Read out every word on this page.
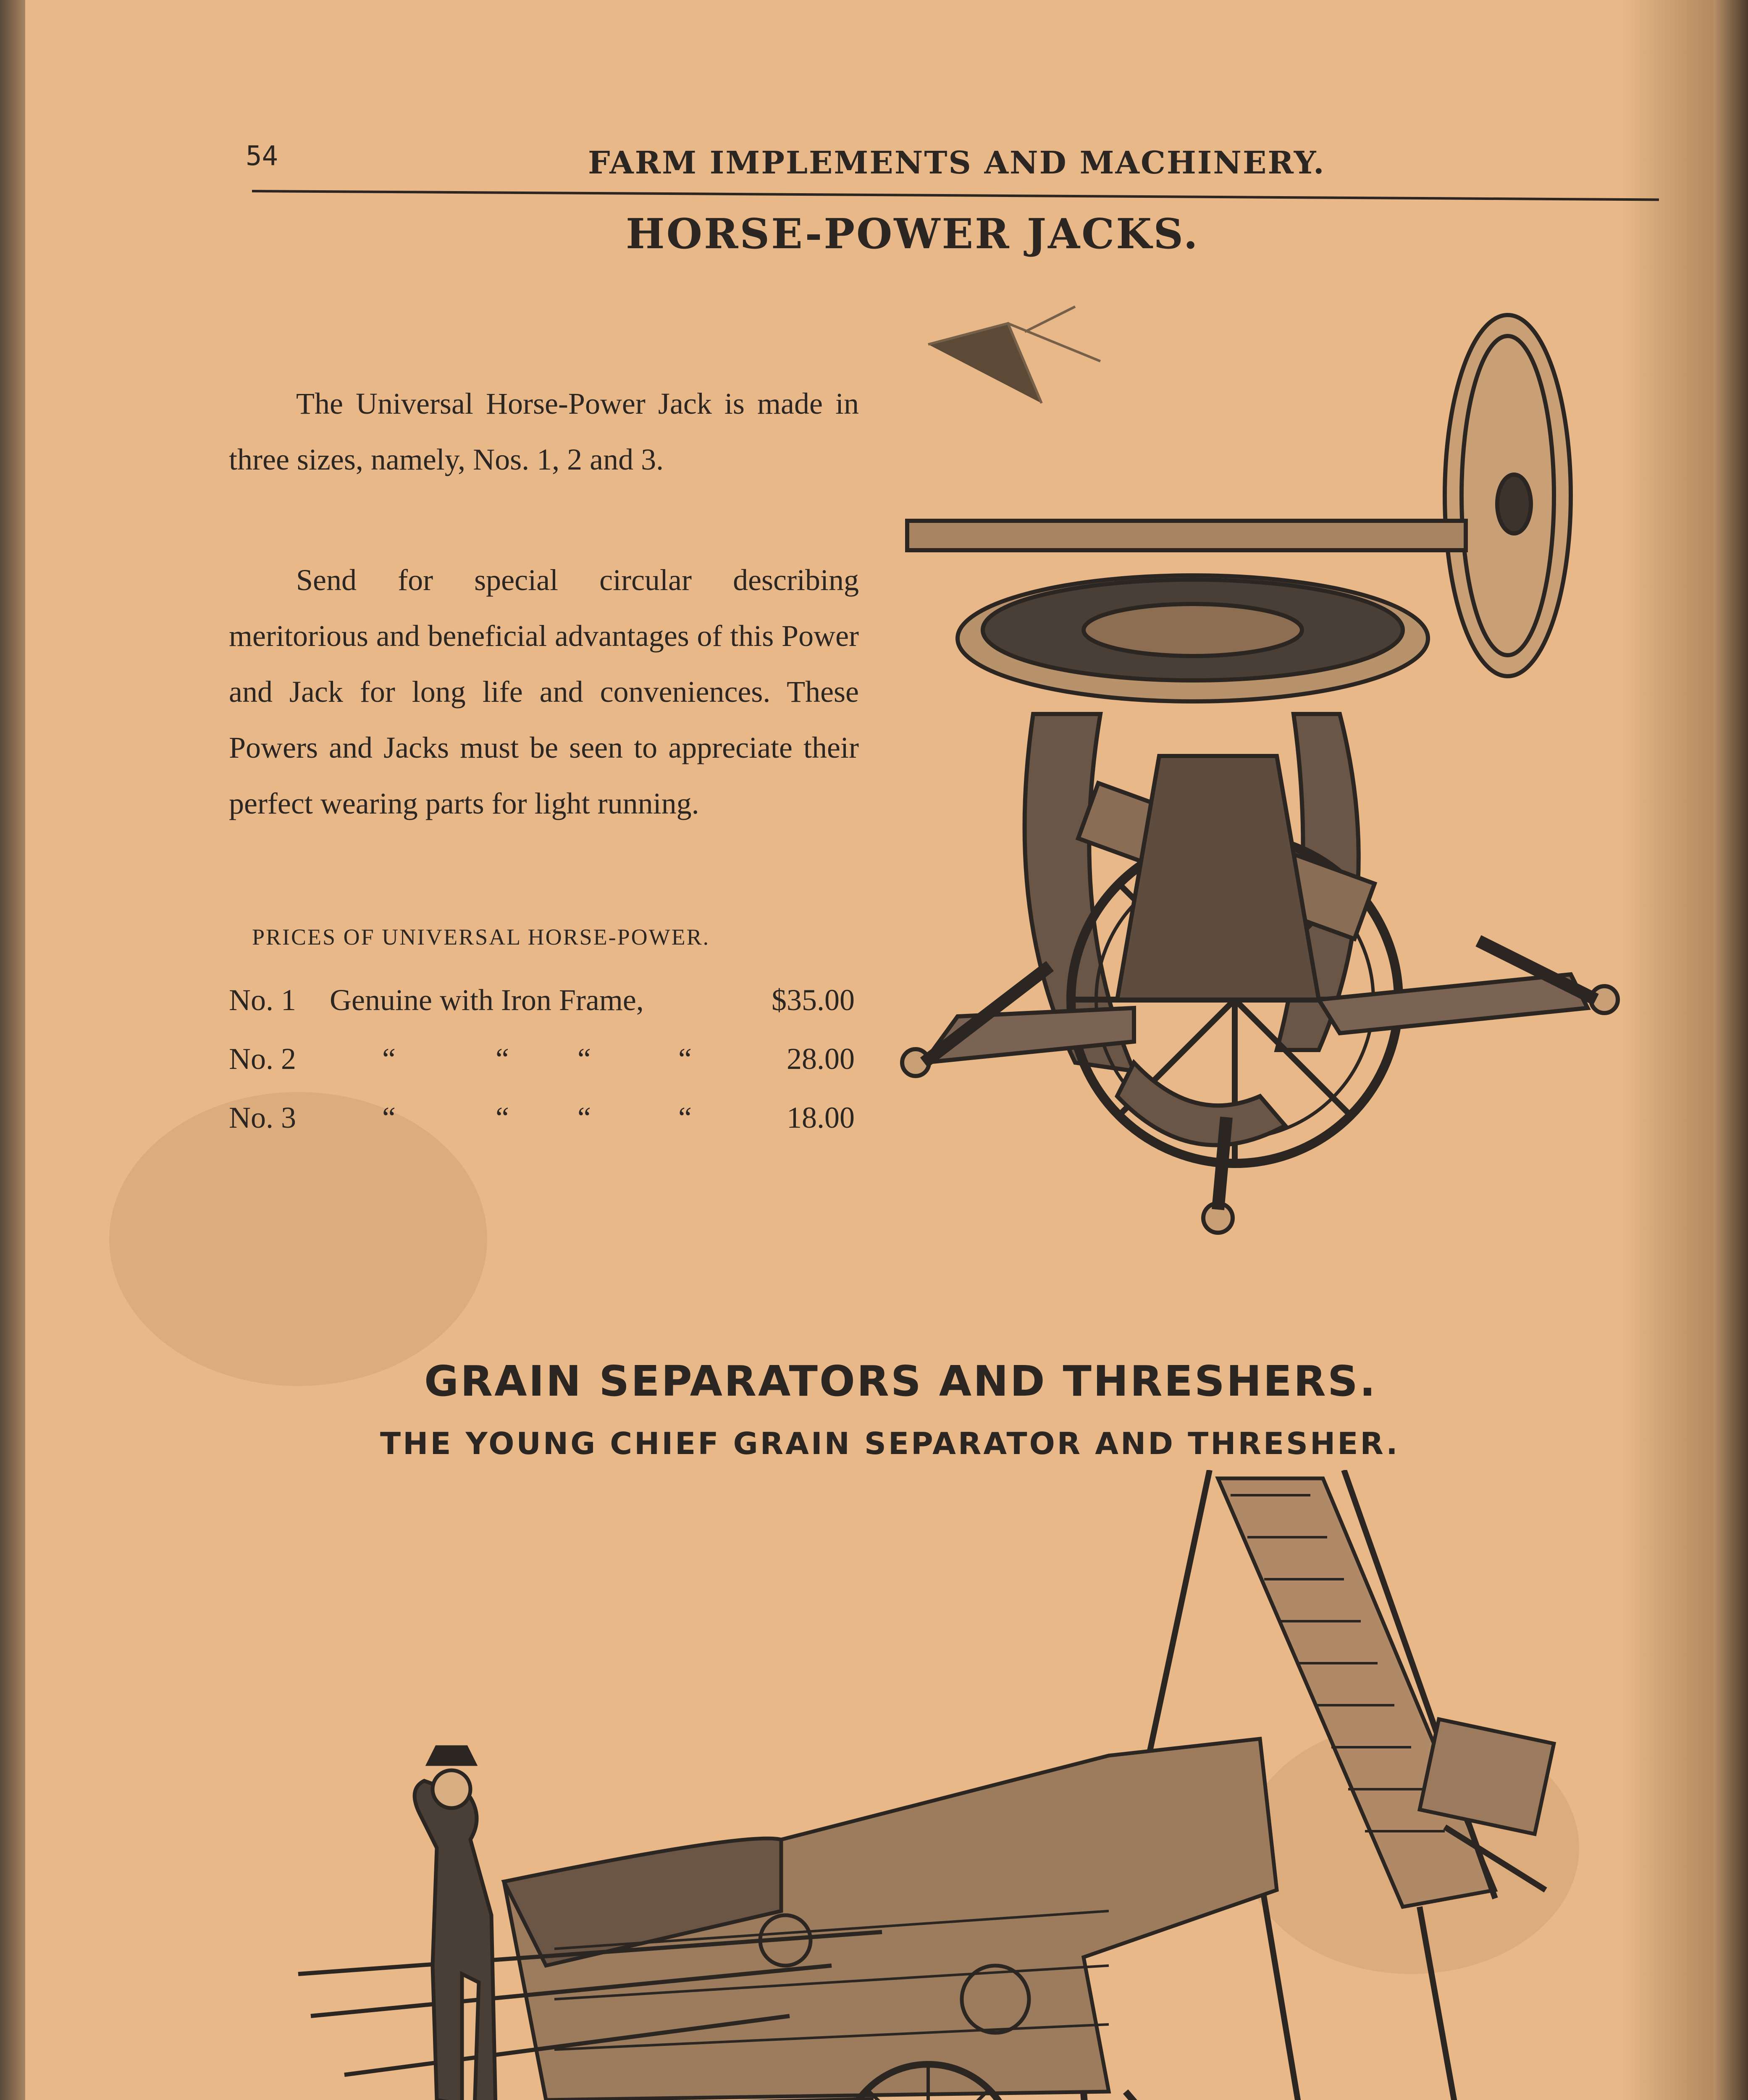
54	FARM IMPLEMENTS AND MACHINERY.
HORSE-POWER JACKS.
The Universal Horse-Power Jack is made in three sizes, namely, Nos. 1, 2 and 3.
Send for special circular describing meritorious and beneficial advantages of this Power and Jack for long life and conveniences. These Powers and Jacks must be seen to appreciate their perfect wearing parts for light running.
PRICES OF UNIVERSAL HORSE-POWER.
No. 1 Genuine with Iron Frame,	$35.00
No. 2	“	“ “	“	28.00
No. 3	“	“ “	“	18.00
GRAIN SEPARATORS AND THRESHERS.
THE YOUNG CHIEF GRAIN SEPARATOR AND THRESHER.
